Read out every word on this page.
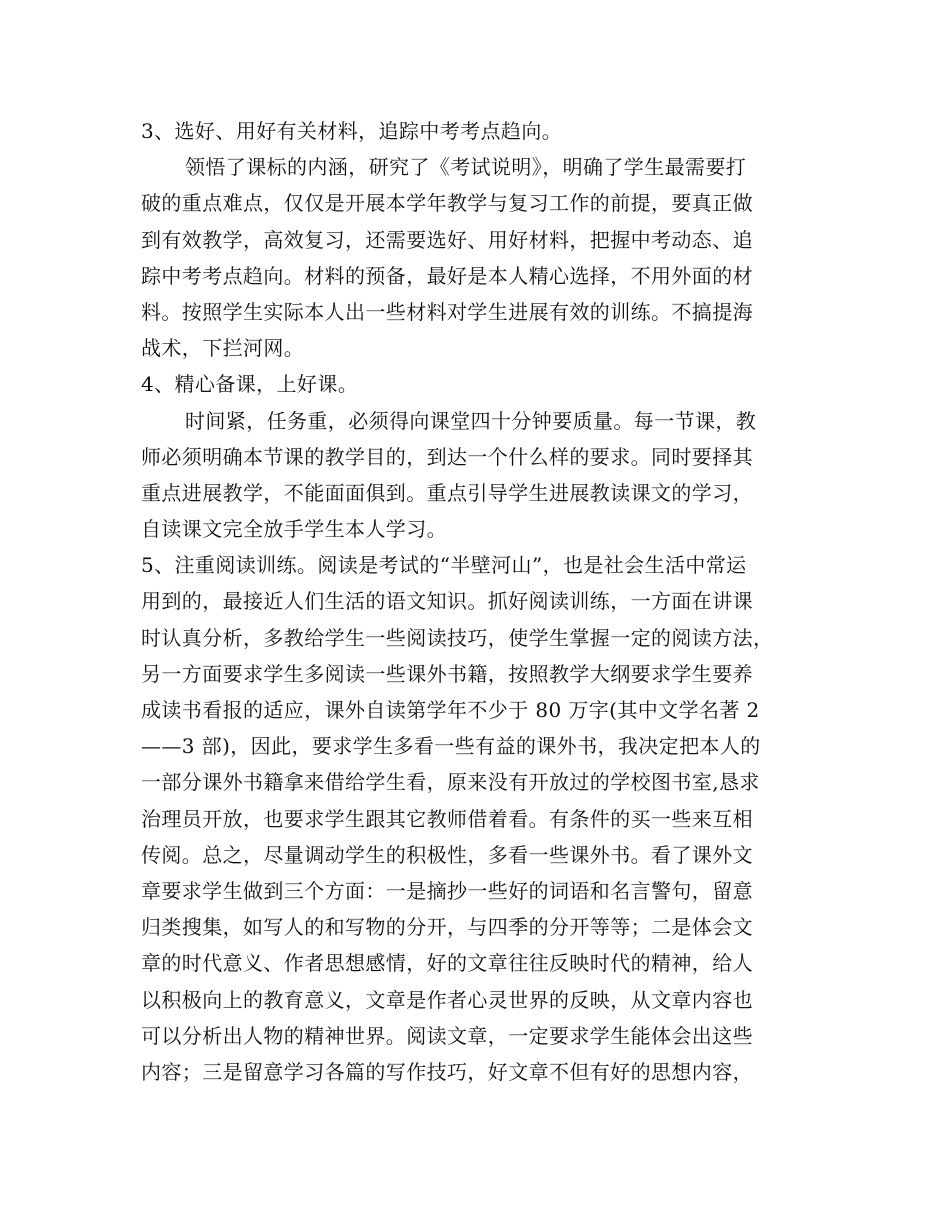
3、选好、用好有关材料，追踪中考考点趋向。
领悟了课标的内涵，研究了《考试说明》，明确了学生最需要打
破的重点难点，仅仅是开展本学年教学与复习工作的前提，要真正做
到有效教学，高效复习，还需要选好、用好材料，把握中考动态、追
踪中考考点趋向。材料的预备，最好是本人精心选择，不用外面的材
料。按照学生实际本人出一些材料对学生进展有效的训练。不搞提海
战术，下拦河网。
4、精心备课，上好课。
时间紧，任务重，必须得向课堂四十分钟要质量。每一节课，教
师必须明确本节课的教学目的，到达一个什么样的要求。同时要择其
重点进展教学，不能面面俱到。重点引导学生进展教读课文的学习，
自读课文完全放手学生本人学习。
5、注重阅读训练。阅读是考试的“半壁河山”，也是社会生活中常运
用到的，最接近人们生活的语文知识。抓好阅读训练，一方面在讲课
时认真分析，多教给学生一些阅读技巧，使学生掌握一定的阅读方法，
另一方面要求学生多阅读一些课外书籍，按照教学大纲要求学生要养
成读书看报的适应，课外自读第学年不少于 80 万字(其中文学名著 2
——3 部)，因此，要求学生多看一些有益的课外书，我决定把本人的
一部分课外书籍拿来借给学生看，原来没有开放过的学校图书室,恳求
治理员开放，也要求学生跟其它教师借着看。有条件的买一些来互相
传阅。总之，尽量调动学生的积极性，多看一些课外书。看了课外文
章要求学生做到三个方面：一是摘抄一些好的词语和名言警句，留意
归类搜集，如写人的和写物的分开，与四季的分开等等；二是体会文
章的时代意义、作者思想感情，好的文章往往反映时代的精神，给人
以积极向上的教育意义，文章是作者心灵世界的反映，从文章内容也
可以分析出人物的精神世界。阅读文章，一定要求学生能体会出这些
内容；三是留意学习各篇的写作技巧，好文章不但有好的思想内容，
